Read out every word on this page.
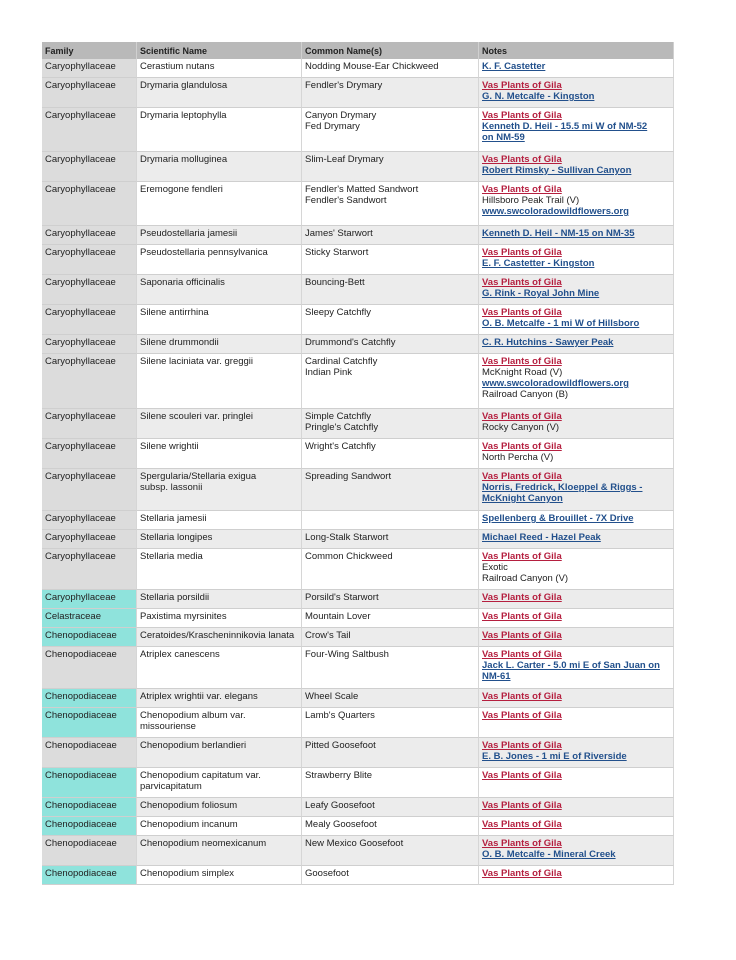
Family	Scientific Name	Common Name(s)	Notes
Caryophyllaceae	Cerastium nutans	Nodding Mouse-Ear Chickweed	K. F. Castetter

Caryophyllaceae	Drymaria glandulosa	Fendler's Drymary	Vas Plants of Gila
G. N. Metcalfe - Kingston

Caryophyllaceae	Drymaria leptophylla	Canyon Drymary
Fed Drymary	Vas Plants of Gila
Kenneth D. Heil - 15.5 mi W of NM-52
on NM-59

Caryophyllaceae	Drymaria molluginea	Slim-Leaf Drymary	Vas Plants of Gila
Robert Rimsky - Sullivan Canyon

Caryophyllaceae	Eremogone fendleri	Fendler's Matted Sandwort
Fendler's Sandwort	Vas Plants of Gila
Hillsboro Peak Trail (V)
www.swcoloradowildflowers.org

Caryophyllaceae	Pseudostellaria jamesii	James' Starwort	Kenneth D. Heil - NM-15 on NM-35

Caryophyllaceae	Pseudostellaria pennsylvanica	Sticky Starwort	Vas Plants of Gila
E. F. Castetter - Kingston

Caryophyllaceae	Saponaria officinalis	Bouncing-Bett	Vas Plants of Gila
G. Rink - Royal John Mine

Caryophyllaceae	Silene antirrhina	Sleepy Catchfly	Vas Plants of Gila
O. B. Metcalfe - 1 mi W of Hillsboro

Caryophyllaceae	Silene drummondii	Drummond's Catchfly	C. R. Hutchins - Sawyer Peak

Caryophyllaceae	Silene laciniata var. greggii	Cardinal Catchfly
Indian Pink	Vas Plants of Gila
McKnight Road (V)
www.swcoloradowildflowers.org
Railroad Canyon (B)

Caryophyllaceae	Silene scouleri var. pringlei	Simple Catchfly
Pringle's Catchfly	Vas Plants of Gila
Rocky Canyon (V)

Caryophyllaceae	Silene wrightii	Wright's Catchfly	Vas Plants of Gila
North Percha (V)

Caryophyllaceae	Spergularia/Stellaria exigua
subsp. lassonii	Spreading Sandwort	Vas Plants of Gila
Norris, Fredrick, Kloeppel & Riggs -
McKnight Canyon

Caryophyllaceae	Stellaria jamesii		Spellenberg & Brouillet - 7X Drive

Caryophyllaceae	Stellaria longipes	Long-Stalk Starwort	Michael Reed - Hazel Peak

Caryophyllaceae	Stellaria media	Common Chickweed	Vas Plants of Gila
Exotic
Railroad Canyon (V)

Caryophyllaceae	Stellaria porsildii	Porsild's Starwort	Vas Plants of Gila

Celastraceae	Paxistima myrsinites	Mountain Lover	Vas Plants of Gila

Chenopodiaceae	Ceratoides/Krascheninnikovia lanata	Crow's Tail	Vas Plants of Gila

Chenopodiaceae	Atriplex canescens	Four-Wing Saltbush	Vas Plants of Gila
Jack L. Carter - 5.0 mi E of San Juan on
NM-61

Chenopodiaceae	Atriplex wrightii var. elegans	Wheel Scale	Vas Plants of Gila

Chenopodiaceae	Chenopodium album var.
missouriense	Lamb's Quarters	Vas Plants of Gila

Chenopodiaceae	Chenopodium berlandieri	Pitted Goosefoot	Vas Plants of Gila
E. B. Jones - 1 mi E of Riverside

Chenopodiaceae	Chenopodium capitatum var.
parvicapitatum	Strawberry Blite	Vas Plants of Gila

Chenopodiaceae	Chenopodium foliosum	Leafy Goosefoot	Vas Plants of Gila

Chenopodiaceae	Chenopodium incanum	Mealy Goosefoot	Vas Plants of Gila

Chenopodiaceae	Chenopodium neomexicanum	New Mexico Goosefoot	Vas Plants of Gila
O. B. Metcalfe - Mineral Creek

Chenopodiaceae	Chenopodium simplex	Goosefoot	Vas Plants of Gila
